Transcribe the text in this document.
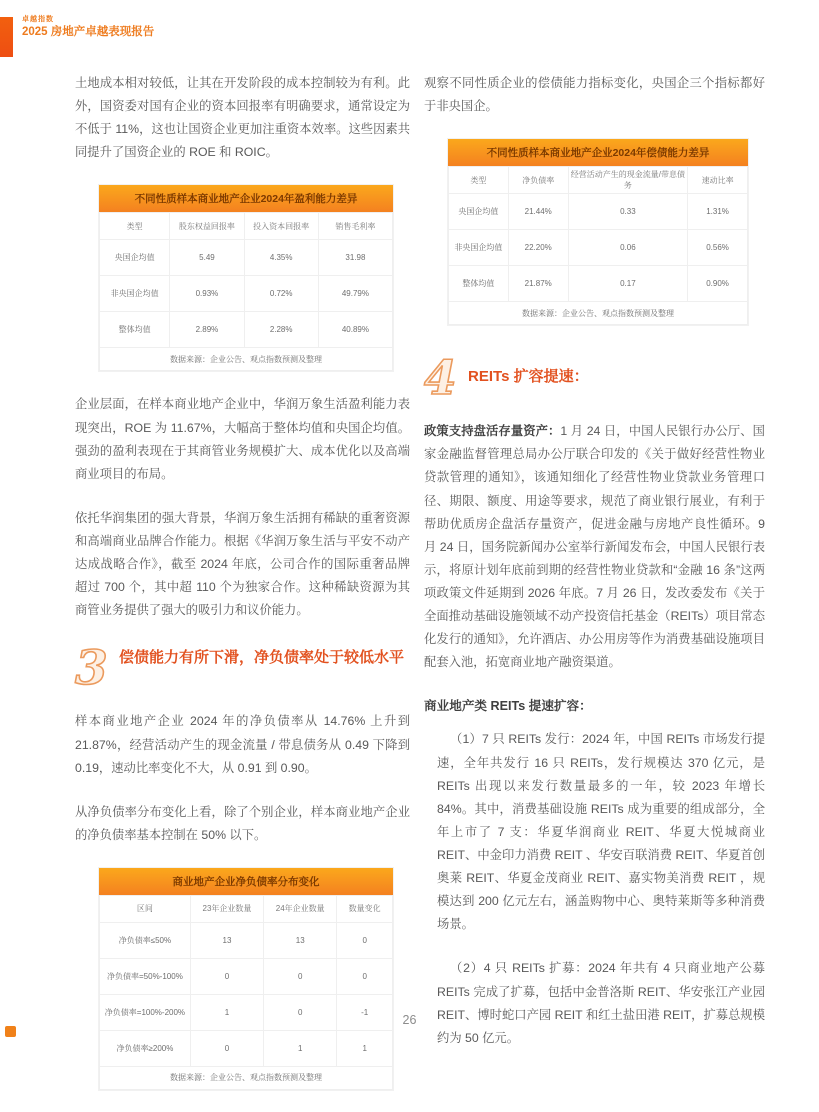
卓越指数
2025 房地产卓越表现报告

土地成本相对较低，让其在开发阶段的成本控制较为有利。此外，国资委对国有企业的资本回报率有明确要求，通常设定为不低于 11%，这也让国资企业更加注重资本效率。这些因素共同提升了国资企业的 ROE 和 ROIC。

不同性质样本商业地产企业2024年盈利能力差异
类型	股东权益回报率	投入资本回报率	销售毛利率
央国企均值	5.49	4.35%	31.98
非央国企均值	0.93%	0.72%	49.79%
整体均值	2.89%	2.28%	40.89%
数据来源：企业公告、观点指数预测及整理

企业层面，在样本商业地产企业中，华润万象生活盈利能力表现突出，ROE 为 11.67%，大幅高于整体均值和央国企均值。强劲的盈利表现在于其商管业务规模扩大、成本优化以及高端商业项目的布局。

依托华润集团的强大背景，华润万象生活拥有稀缺的重奢资源和高端商业品牌合作能力。根据《华润万象生活与平安不动产达成战略合作》，截至 2024 年底，公司合作的国际重奢品牌超过 700 个，其中超 110 个为独家合作。这种稀缺资源为其商管业务提供了强大的吸引力和议价能力。

3 偿债能力有所下滑，净负债率处于较低水平

样本商业地产企业 2024 年的净负债率从 14.76% 上升到 21.87%，经营活动产生的现金流量 / 带息债务从 0.49 下降到 0.19，速动比率变化不大，从 0.91 到 0.90。

从净负债率分布变化上看，除了个别企业，样本商业地产企业的净负债率基本控制在 50% 以下。

商业地产企业净负债率分布变化
区间	23年企业数量	24年企业数量	数量变化
净负债率≤50%	13	13	0
净负债率=50%-100%	0	0	0
净负债率=100%-200%	1	0	-1
净负债率≥200%	0	1	1
数据来源：企业公告、观点指数预测及整理

观察不同性质企业的偿债能力指标变化，央国企三个指标都好于非央国企。

不同性质样本商业地产企业2024年偿债能力差异
类型	净负债率	经营活动产生的现金流量/带息债务	速动比率
央国企均值	21.44%	0.33	1.31%
非央国企均值	22.20%	0.06	0.56%
整体均值	21.87%	0.17	0.90%
数据来源：企业公告、观点指数预测及整理
4 REITs 扩容提速：

政策支持盘活存量资产：1 月 24 日，中国人民银行办公厅、国家金融监督管理总局办公厅联合印发的《关于做好经营性物业贷款管理的通知》，该通知细化了经营性物业贷款业务管理口径、期限、额度、用途等要求，规范了商业银行展业，有利于帮助优质房企盘活存量资产，促进金融与房地产良性循环。9 月 24 日，国务院新闻办公室举行新闻发布会，中国人民银行表示，将原计划年底前到期的经营性物业贷款和“金融 16 条”这两项政策文件延期到 2026 年底。7 月 26 日，发改委发布《关于全面推动基础设施领域不动产投资信托基金（REITs）项目常态化发行的通知》，允许酒店、办公用房等作为消费基础设施项目配套入池，拓宽商业地产融资渠道。

商业地产类 REITs 提速扩容：

（1）7 只 REITs 发行：2024 年，中国 REITs 市场发行提速，全年共发行 16 只 REITs，发行规模达 370 亿元，是 REITs 出现以来发行数量最多的一年，较 2023 年增长 84%。其中，消费基础设施 REITs 成为重要的组成部分，全年上市了 7 支：华夏华润商业 REIT、华夏大悦城商业 REIT、中金印力消费 REIT 、华安百联消费 REIT、华夏首创奥莱 REIT、华夏金茂商业 REIT、嘉实物美消费 REIT ，规模达到 200 亿元左右，涵盖购物中心、奥特莱斯等多种消费场景。

（2）4 只 REITs 扩募：2024 年共有 4 只商业地产公募 REITs 完成了扩募，包括中金普洛斯 REIT、华安张江产业园 REIT、博时蛇口产园 REIT 和红土盐田港 REIT，扩募总规模约为 50 亿元。

26
